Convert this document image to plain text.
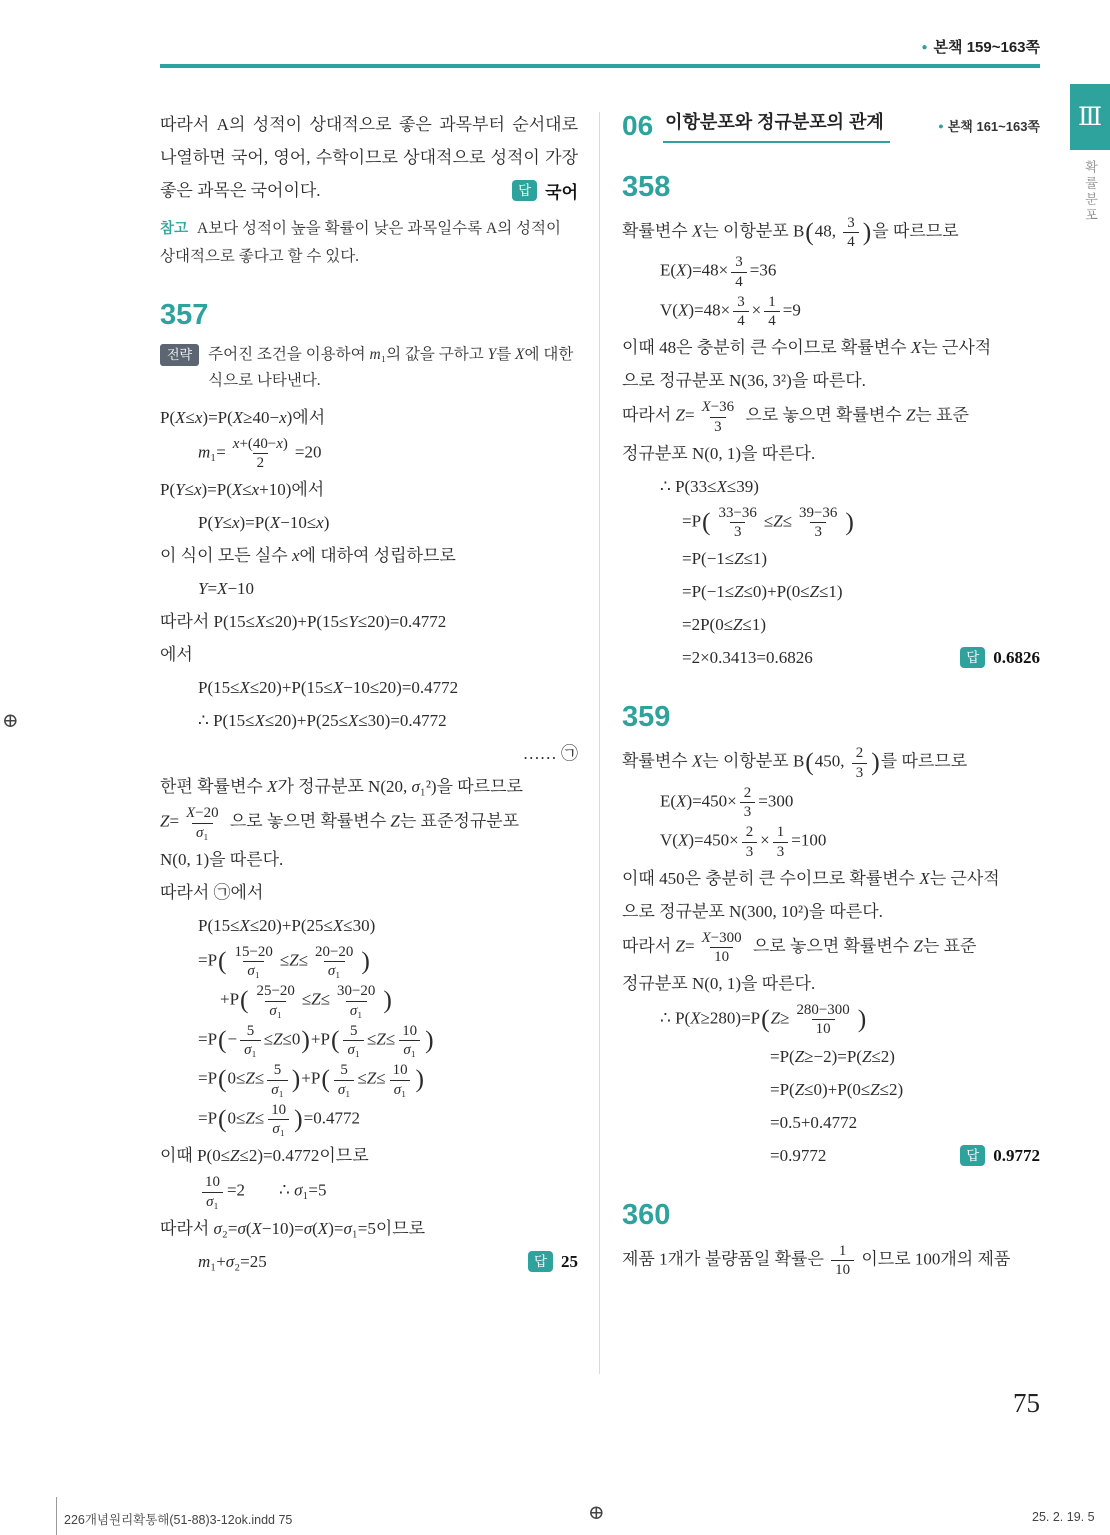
● 본책 159~163쪽
Ⅲ
확률분포
따라서 A의 성적이 상대적으로 좋은 과목부터 순서대로 나열하면 국어, 영어, 수학이므로 상대적으로 성적이 가장 좋은 과목은 국어이다.	답 국어
참고 A보다 성적이 높을 확률이 낮은 과목일수록 A의 성적이 상대적으로 좋다고 할 수 있다.
357
전략	주어진 조건을 이용하여 m₁의 값을 구하고 Y를 X에 대한 식으로 나타낸다.
P(X≤x)=P(X≥40−x)에서
$m_1= \frac{x+(40-x)}{2} =20$
P(Y≤x)=P(X≤x+10)에서
P(Y≤x)=P(X−10≤x)
이 식이 모든 실수 x에 대하여 성립하므로
Y=X−10
따라서 P(15≤X≤20)+P(15≤Y≤20)=0.4772
에서
P(15≤X≤20)+P(15≤X−10≤20)=0.4772
∴ P(15≤X≤20)+P(25≤X≤30)=0.4772
…… ㉠
한편 확률변수 X가 정규분포 N(20, σ₁²)을 따르므로
$Z= \frac{X-20}{\text{σ₁}}$ 으로 놓으면 확률변수 Z는 표준정규분포
N(0, 1)을 따른다.
따라서 ㉠에서
P(15≤X≤20)+P(25≤X≤30)
$=P( \frac{15-20}{\text{σ₁}} \le Z\le \frac{20-20}{\text{σ₁}}$ )
$+P( \frac{25-20}{\text{σ₁}} \le Z\le \frac{30-20}{\text{σ₁}}$ )
$=P(- \frac{5}{\text{σ₁}} \le Z\le 0)+P( \frac{5}{\text{σ₁}} \le Z\le \frac{10}{\text{σ₁}}$ )
$=P(0\le Z\le \frac{5}{\text{σ₁}} )+P( \frac{5}{\text{σ₁}} \le Z\le \frac{10}{\text{σ₁}}$ )
$=P(0\le Z\le \frac{10}{\text{σ₁}} )=0.4772$
이때 P(0≤Z≤2)=0.4772이므로
$\frac{10}{\text{σ₁}} =2$  ∴ σ₁=5
따라서 σ₂=σ(X−10)=σ(X)=σ₁=5이므로
m₁+σ₂=25	답 25
06 이항분포와 정규분포의 관계	● 본책 161~163쪽
358
확률변수 X는 이항분포 B(48, $\frac{3}{4}$ )을 따르므로
$E(X)=48\times \frac{3}{4} =36$
$V(X)=48\times \frac{3}{4} \times \frac{1}{4} =9$
이때 48은 충분히 큰 수이므로 확률변수 X는 근사적
으로 정규분포 N(36, 3²)을 따른다.
따라서 $Z= \frac{X-36}{3}$ 으로 놓으면 확률변수 Z는 표준
정규분포 N(0, 1)을 따른다.
∴ P(33≤X≤39)
$=P( \frac{33-36}{3} \le Z\le \frac{39-36}{3}$ )
=P(−1≤Z≤1)
=P(−1≤Z≤0)+P(0≤Z≤1)
=2P(0≤Z≤1)
=2×0.3413=0.6826	답 0.6826
359
확률변수 X는 이항분포 B(450, $\frac{2}{3}$ )를 따르므로
$E(X)=450\times \frac{2}{3} =300$
$V(X)=450\times \frac{2}{3} \times \frac{1}{3} =100$
이때 450은 충분히 큰 수이므로 확률변수 X는 근사적
으로 정규분포 N(300, 10²)을 따른다.
따라서 $Z= \frac{X-300}{10}$ 으로 놓으면 확률변수 Z는 표준
정규분포 N(0, 1)을 따른다.
∴ $P(X\ge 280)=P(Z\ge \frac{280-300}{10}$ )
=P(Z≥−2)=P(Z≤2)
=P(Z≤0)+P(0≤Z≤2)
=0.5+0.4772
=0.9772	답 0.9772
360
제품 1개가 불량품일 확률은 $\frac{1}{10}$ 이므로 100개의 제품
⊕
⊕
75
226개념원리확통해(51-88)3-12ok.indd 75	25. 2. 19. 5
